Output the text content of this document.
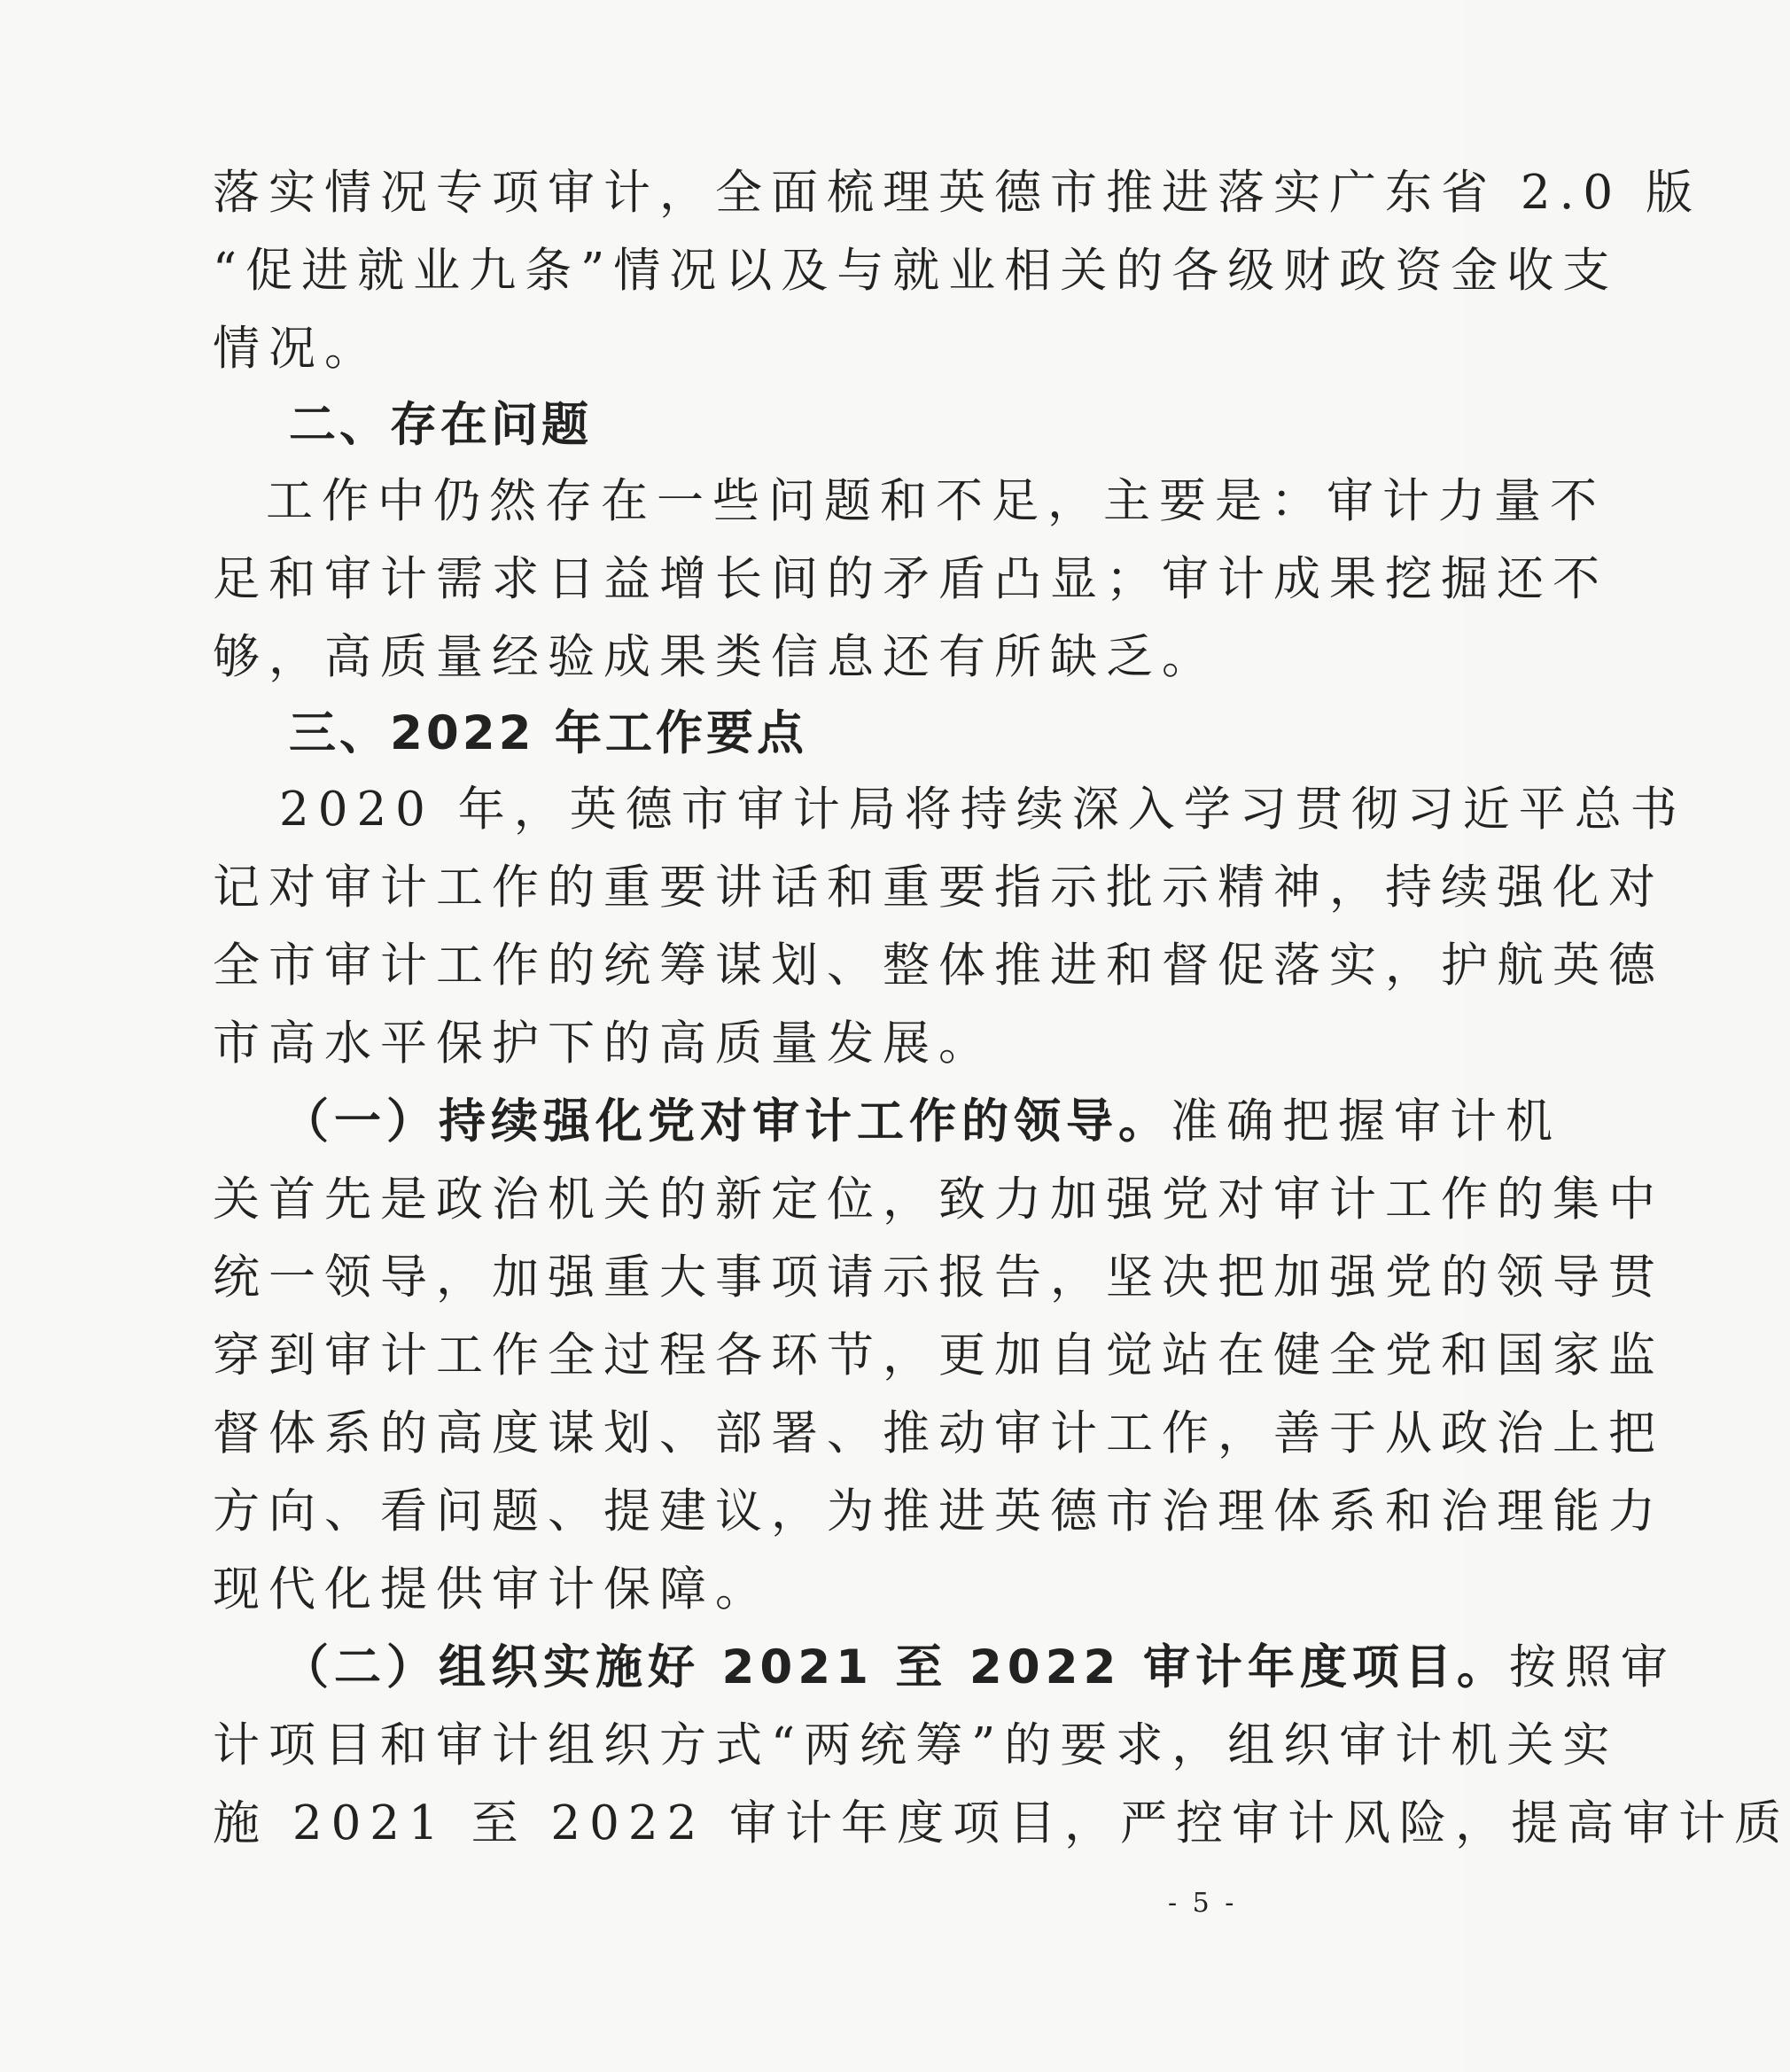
落实情况专项审计，全面梳理英德市推进落实广东省 2.0 版

“促进就业九条”情况以及与就业相关的各级财政资金收支

情况。

二、存在问题

工作中仍然存在一些问题和不足，主要是：审计力量不

足和审计需求日益增长间的矛盾凸显；审计成果挖掘还不

够，高质量经验成果类信息还有所缺乏。

三、2022 年工作要点

2020 年，英德市审计局将持续深入学习贯彻习近平总书

记对审计工作的重要讲话和重要指示批示精神，持续强化对

全市审计工作的统筹谋划、整体推进和督促落实，护航英德

市高水平保护下的高质量发展。

（一）持续强化党对审计工作的领导。准确把握审计机

关首先是政治机关的新定位，致力加强党对审计工作的集中

统一领导，加强重大事项请示报告，坚决把加强党的领导贯

穿到审计工作全过程各环节，更加自觉站在健全党和国家监

督体系的高度谋划、部署、推动审计工作，善于从政治上把

方向、看问题、提建议，为推进英德市治理体系和治理能力

现代化提供审计保障。

（二）组织实施好 2021 至 2022 审计年度项目。按照审

计项目和审计组织方式“两统筹”的要求，组织审计机关实

施 2021 至 2022 审计年度项目，严控审计风险，提高审计质

- 5 -
